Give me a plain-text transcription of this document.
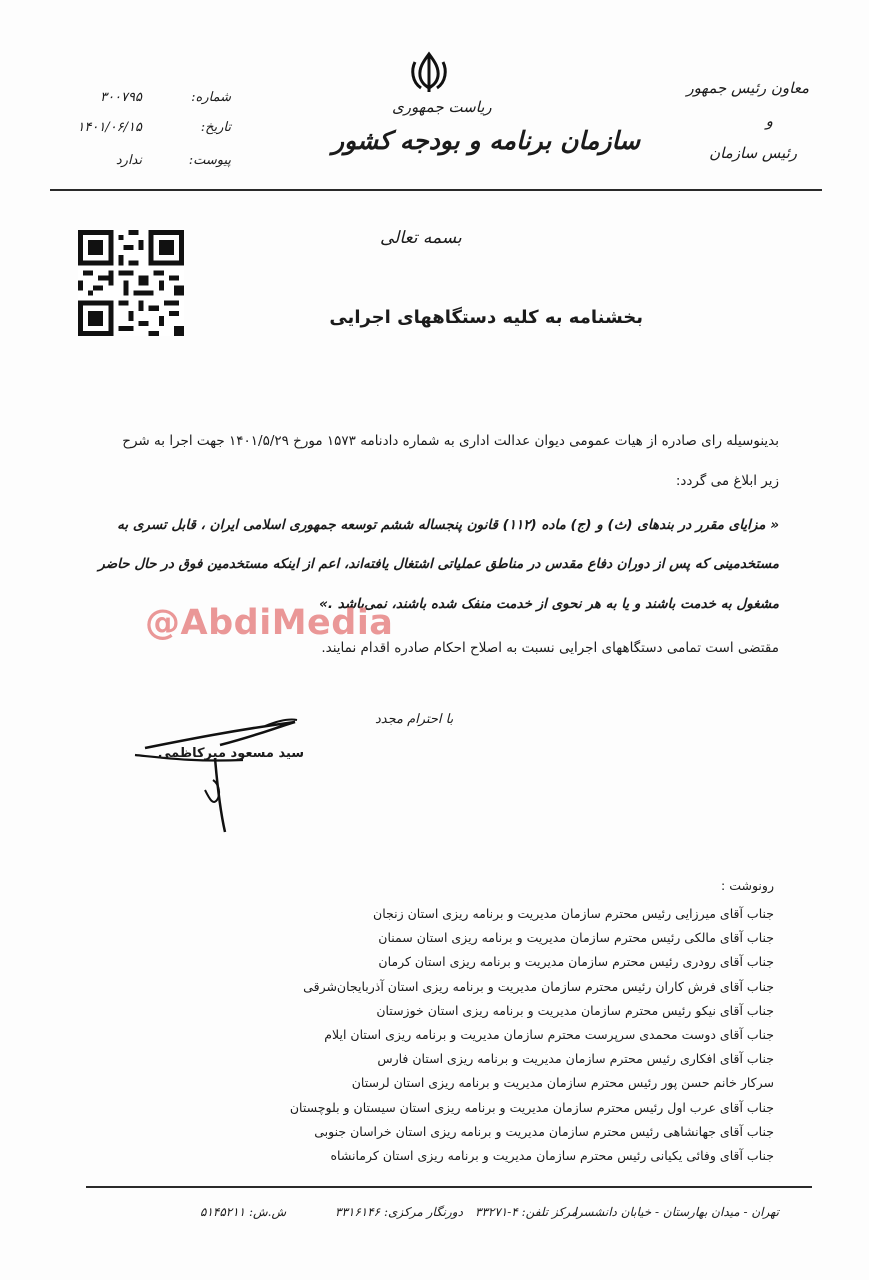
ریاست جمهوری
سازمان برنامه و بودجه کشور
معاون رئیس جمهور
و
رئیس سازمان
شماره:
۳۰۰۷۹۵
تاریخ:
۱۴۰۱/۰۶/۱۵
پیوست:
ندارد
بسمه تعالی
بخشنامه به کلیه دستگاههای اجرایی
بدینوسیله رای صادره از هیات عمومی دیوان عدالت اداری به شماره دادنامه ۱۵۷۳ مورخ ۱۴۰۱/۵/۲۹ جهت اجرا به شرح
زیر ابلاغ می گردد:
« مزایای مقرر در بندهای (ث) و (ج) ماده (۱۱۲) قانون پنجساله ششم توسعه جمهوری اسلامی ایران ، قابل تسری به
مستخدمینی که پس از دوران دفاع مقدس در مناطق عملیاتی اشتغال یافته‌اند، اعم از اینکه مستخدمین فوق در حال حاضر
مشغول به خدمت باشند و یا به هر نحوی از خدمت منفک شده باشند، نمی‌باشد .»
مقتضی است تمامی دستگاههای اجرایی نسبت به اصلاح احکام صادره اقدام نمایند.
@AbdiMedia
با احترام مجدد
سید مسعود میرکاظمی
رونوشت :
جناب آقای میرزایی رئیس محترم سازمان مدیریت و برنامه ریزی استان زنجان
جناب آقای مالکی رئیس محترم سازمان مدیریت و برنامه ریزی استان سمنان
جناب آقای رودری رئیس محترم سازمان مدیریت و برنامه ریزی استان کرمان
جناب آقای فرش کاران رئیس محترم سازمان مدیریت و برنامه ریزی استان آذربایجان‌شرقی
جناب آقای نیکو رئیس محترم سازمان مدیریت و برنامه ریزی استان خوزستان
جناب آقای دوست محمدی سرپرست محترم سازمان مدیریت و برنامه ریزی استان ایلام
جناب آقای افکاری رئیس محترم سازمان مدیریت و برنامه ریزی استان فارس
سرکار خانم حسن پور رئیس محترم سازمان مدیریت و برنامه ریزی استان لرستان
جناب آقای عرب اول رئیس محترم سازمان مدیریت و برنامه ریزی استان سیستان و بلوچستان
جناب آقای جهانشاهی رئیس محترم سازمان مدیریت و برنامه ریزی استان خراسان جنوبی
جناب آقای وفائی یکیانی رئیس محترم سازمان مدیریت و برنامه ریزی استان کرمانشاه
تهران - میدان بهارستان - خیابان دانشسرا
مرکز تلفن: ۴-۳۳۲۷۱
دورنگار مرکزی: ۳۳۱۶۱۴۶
ش.ش: ۵۱۴۵۲۱۱
